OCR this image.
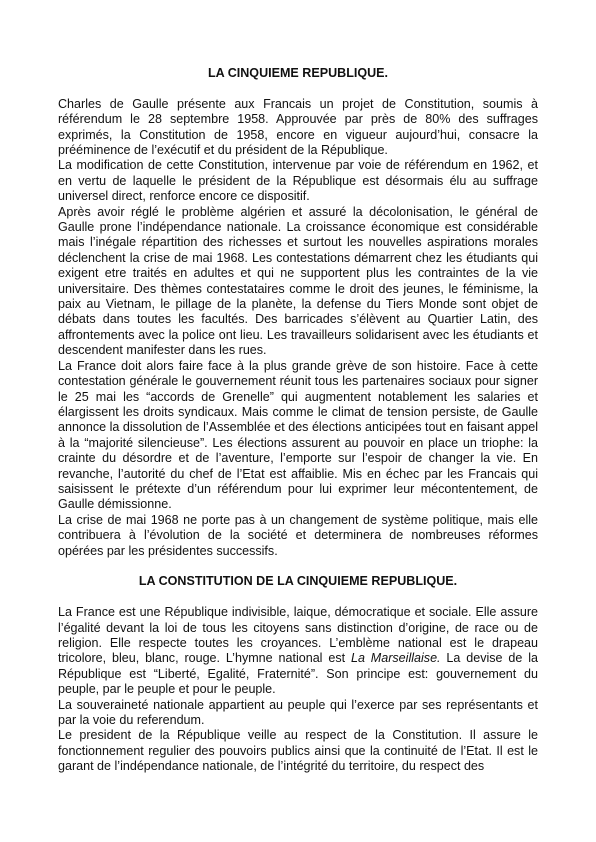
LA CINQUIEME REPUBLIQUE.

Charles de Gaulle présente aux Francais un projet de Constitution, soumis à référendum le 28 septembre 1958. Approuvée par près de 80% des suffrages exprimés, la Constitution de 1958, encore en vigueur aujourd’hui, consacre la prééminence de l’exécutif et du président de la République.

La modification de cette Constitution, intervenue par voie de référendum en 1962, et en vertu de laquelle le président de la République est désormais élu au suffrage universel direct, renforce encore ce dispositif.

Après avoir réglé le problème algérien et assuré la décolonisation, le général de Gaulle prone l’indépendance nationale. La croissance économique est considérable mais l’inégale répartition des richesses et surtout les nouvelles aspirations morales déclenchent la crise de mai 1968. Les contestations démarrent chez les étudiants qui exigent etre traités en adultes et qui ne supportent plus les contraintes de la vie universitaire. Des thèmes contestataires comme le droit des jeunes, le féminisme, la paix au Vietnam, le pillage de la planète, la defense du Tiers Monde sont objet de débats dans toutes les facultés. Des barricades s’élèvent au Quartier Latin, des affrontements avec la police ont lieu. Les travailleurs solidarisent avec les étudiants et descendent manifester dans les rues.

La France doit alors faire face à la plus grande grève de son histoire. Face à cette contestation générale le gouvernement réunit tous les partenaires sociaux pour signer le 25 mai les “accords de Grenelle” qui augmentent notablement les salaries et élargissent les droits syndicaux. Mais comme le climat de tension persiste, de Gaulle annonce la dissolution de l’Assemblée et des élections anticipées tout en faisant appel à la “majorité silencieuse”. Les élections assurent au pouvoir en place un triophe: la crainte du désordre et de l’aventure, l’emporte sur l’espoir de changer la vie. En revanche, l’autorité du chef de l’Etat est affaiblie. Mis en échec par les Francais qui saisissent le prétexte d’un référendum pour lui exprimer leur mécontentement, de Gaulle démissionne.

La crise de mai 1968 ne porte pas à un changement de système politique, mais elle contribuera à l’évolution de la société et determinera de nombreuses réformes opérées par les présidentes successifs.

LA CONSTITUTION DE LA CINQUIEME REPUBLIQUE.

La France est une République indivisible, laique, démocratique et sociale. Elle assure l’égalité devant la loi de tous les citoyens sans distinction d’origine, de race ou de religion. Elle respecte toutes les croyances. L’emblème national est le drapeau tricolore, bleu, blanc, rouge. L’hymne national est La Marseillaise. La devise de la République est “Liberté, Egalité, Fraternité”. Son principe est: gouvernement du peuple, par le peuple et pour le peuple.

La souveraineté nationale appartient au peuple qui l’exerce par ses représentants et par la voie du referendum.

Le president de la République veille au respect de la Constitution. Il assure le fonctionnement regulier des pouvoirs publics ainsi que la continuité de l’Etat. Il est le garant de l’indépendance nationale, de l’intégrité du territoire, du respect des
